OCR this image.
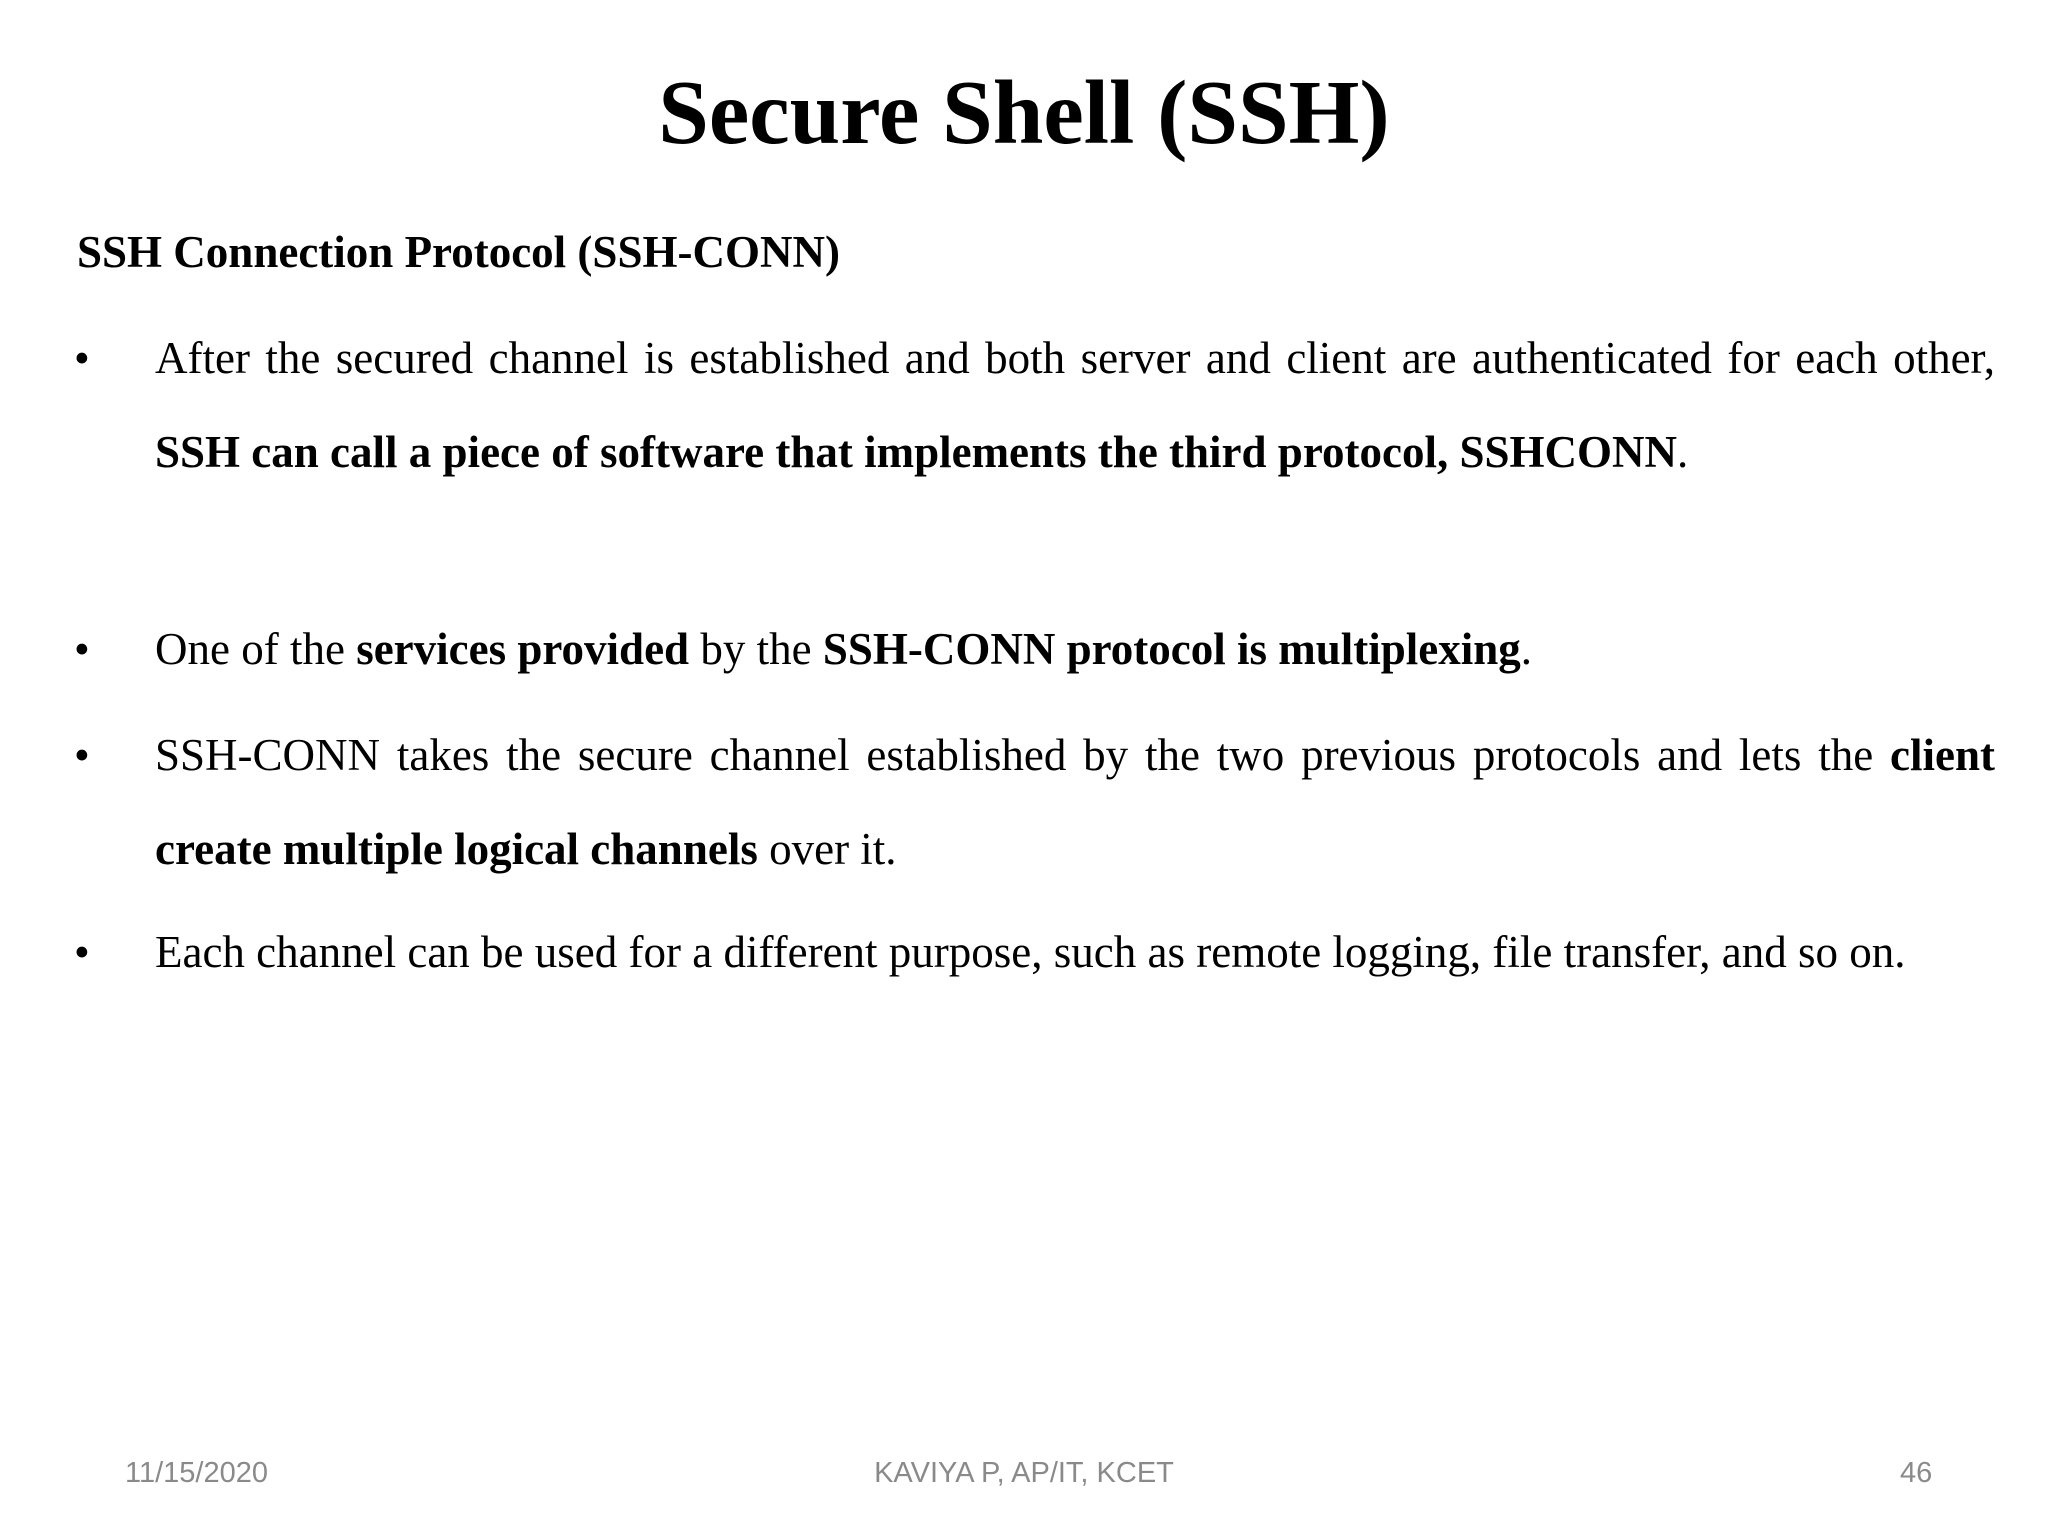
Secure Shell (SSH)
SSH Connection Protocol (SSH-CONN)
• After the secured channel is established and both server and client are authenticated for each other, SSH can call a piece of software that implements the third protocol, SSHCONN.

• One of the services provided by the SSH-CONN protocol is multiplexing.

• SSH-CONN takes the secure channel established by the two previous protocols and lets the client create multiple logical channels over it.

• Each channel can be used for a different purpose, such as remote logging, file transfer, and so on.

11/15/2020	KAVIYA P, AP/IT, KCET	46
